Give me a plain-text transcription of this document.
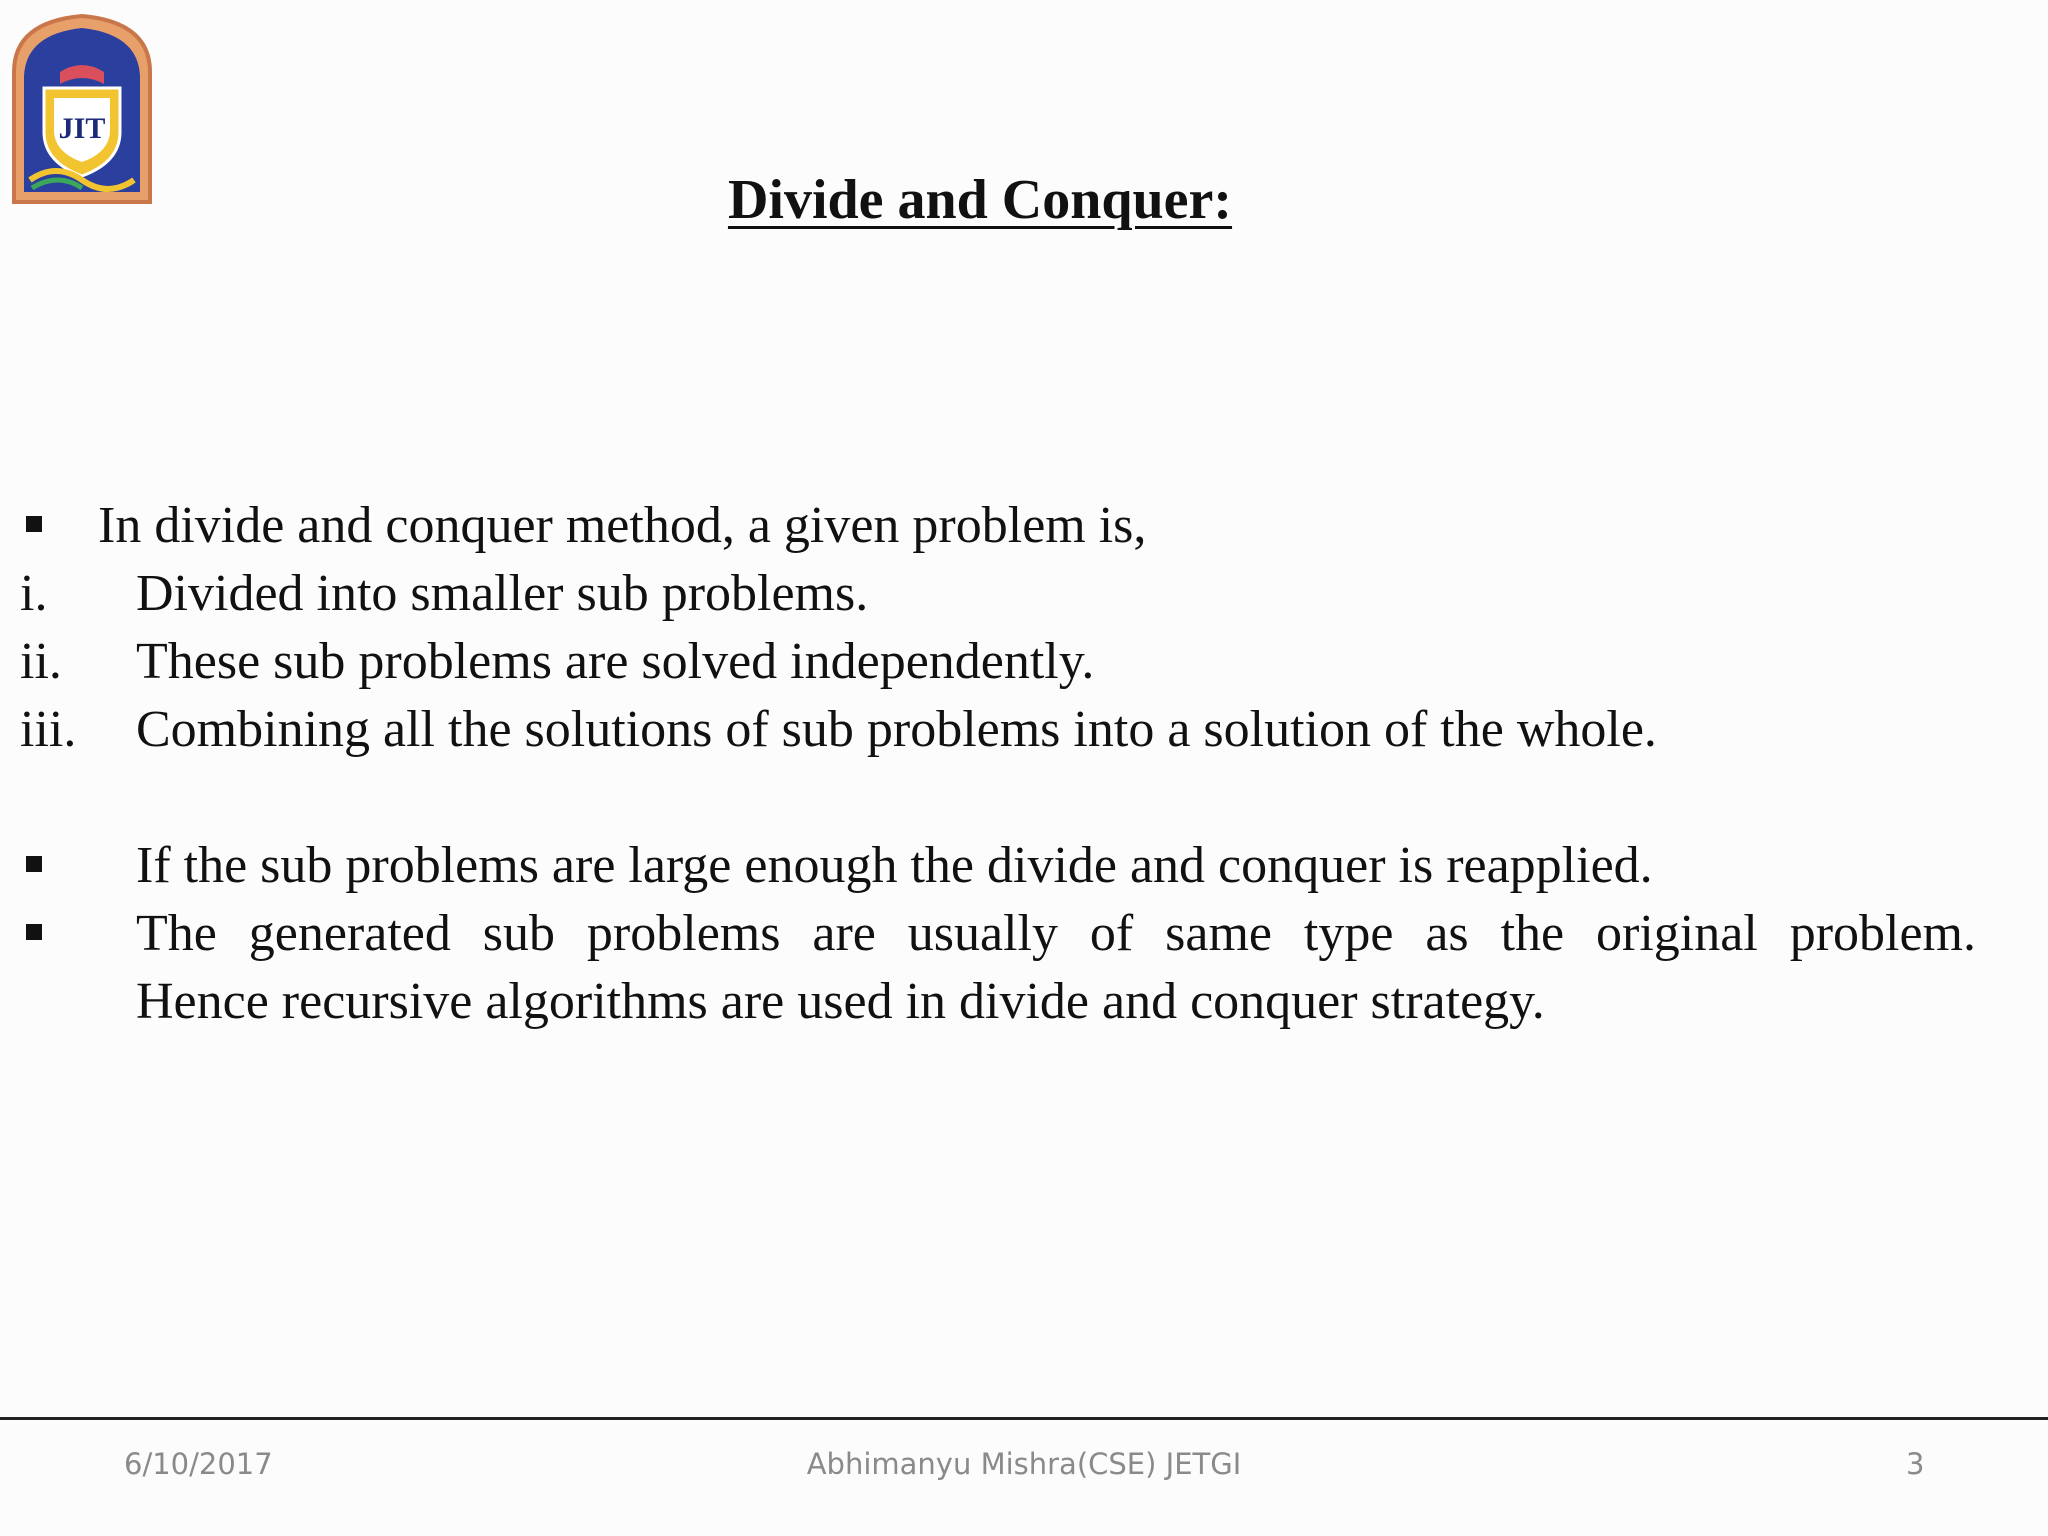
JIT
Divide and Conquer:
In divide and conquer method, a given problem is,
i. Divided into smaller sub problems.
ii. These sub problems are solved independently.
iii. Combining all the solutions of sub problems into a solution of the whole.
If the sub problems are large enough the divide and conquer is reapplied.
The generated sub problems are usually of same type as the original problem.
Hence recursive algorithms are used in divide and conquer strategy.
6/10/2017	Abhimanyu Mishra(CSE) JETGI	3
